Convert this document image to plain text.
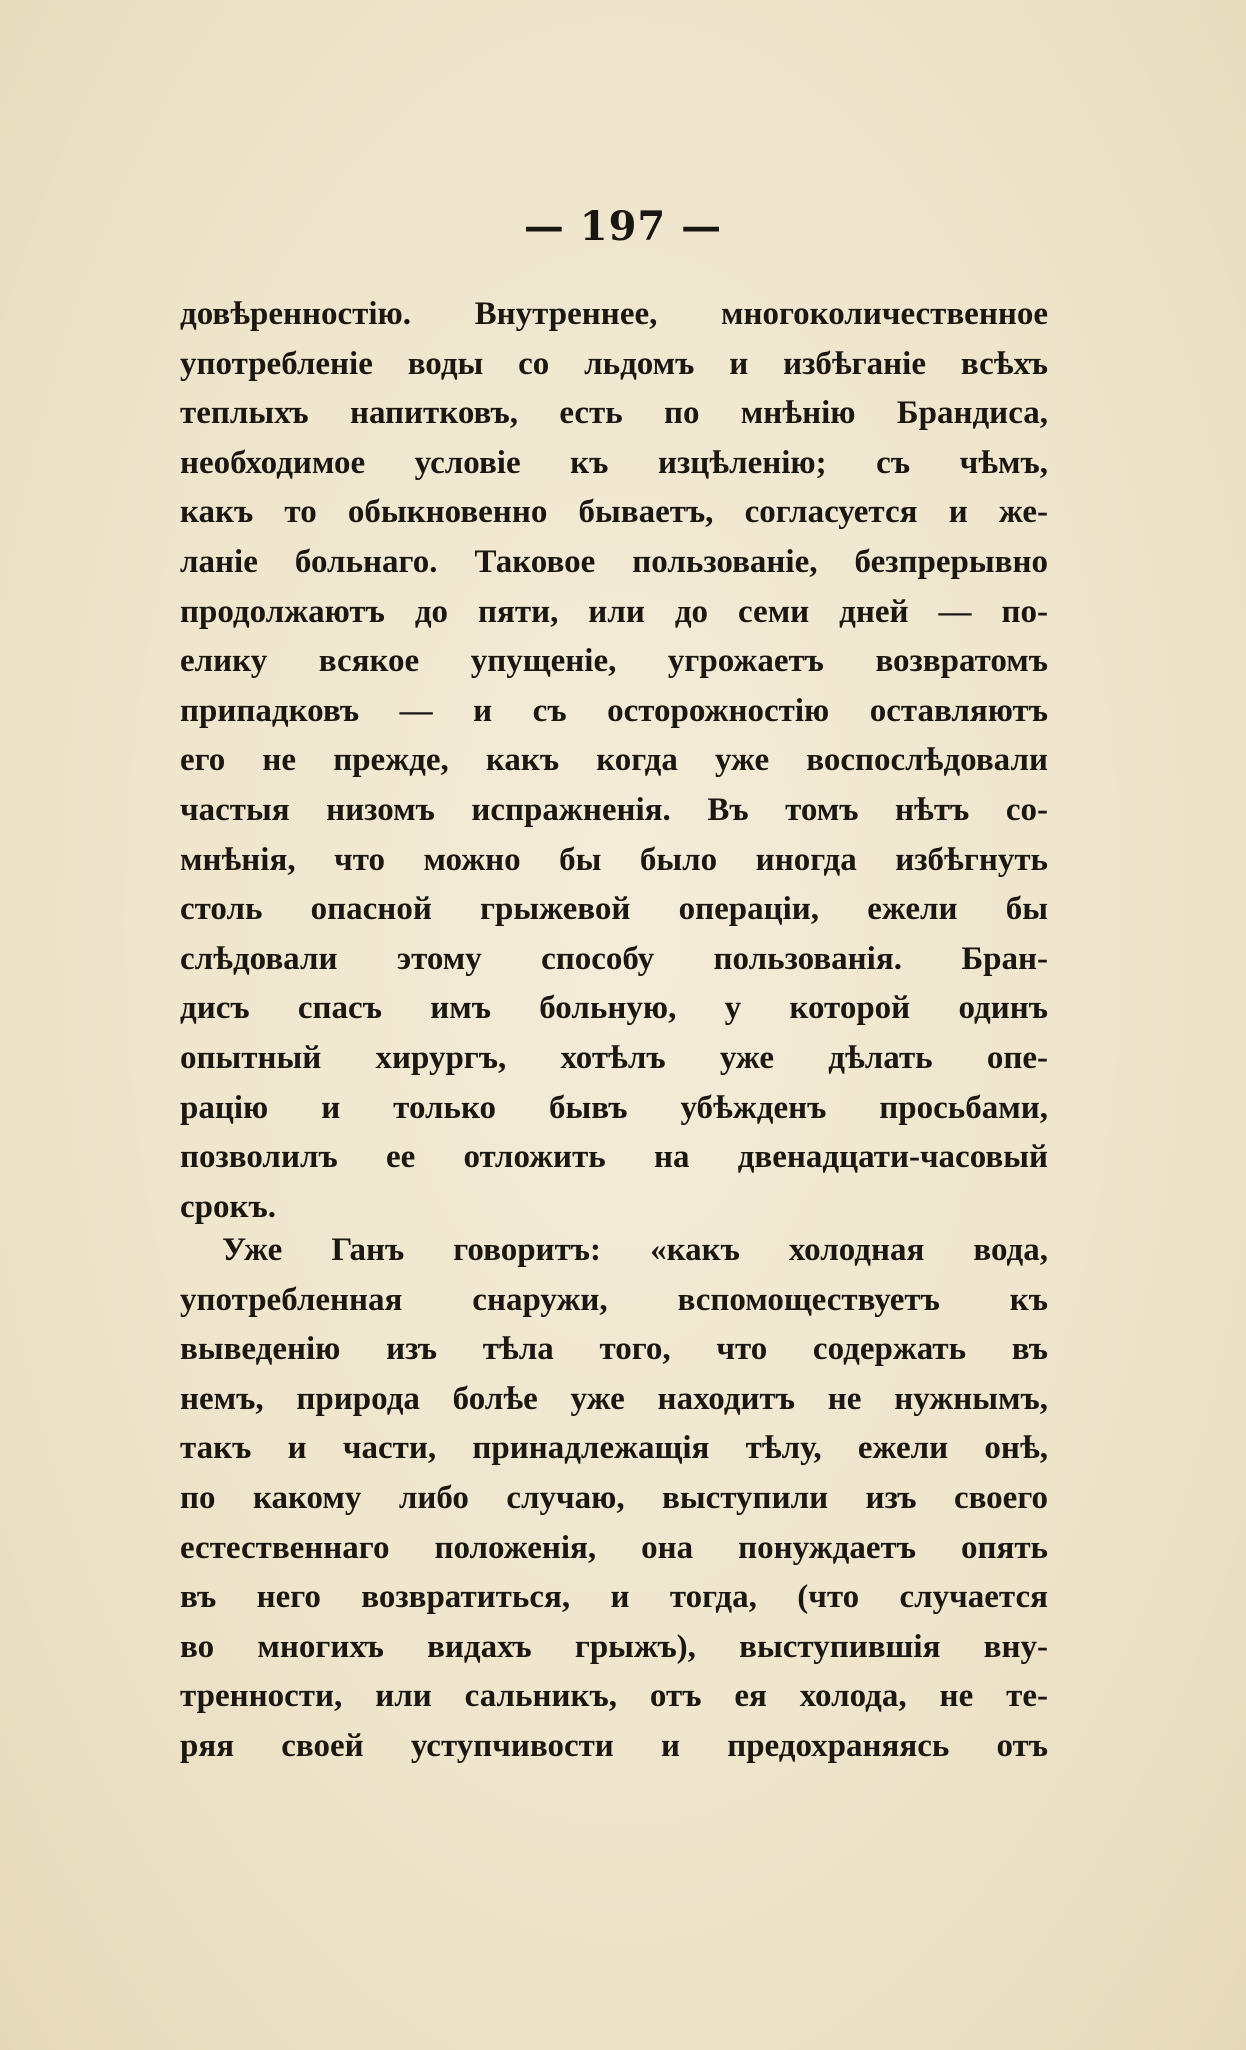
— 197 —
довѣренностію. Внутреннее, многоколичественное
употребленіе воды со льдомъ и избѣганіе всѣхъ
теплыхъ напитковъ, есть по мнѣнію Брандиса,
необходимое условіе къ изцѣленію; съ чѣмъ,
какъ то обыкновенно бываетъ, согласуется и же-
ланіе больнаго. Таковое пользованіе, безпрерывно
продолжаютъ до пяти, или до семи дней — по-
елику всякое упущеніе, угрожаетъ возвратомъ
припадковъ — и съ осторожностію оставляютъ
его не прежде, какъ когда уже воспослѣдовали
частыя низомъ испражненія. Въ томъ нѣтъ со-
мнѣнія, что можно бы было иногда избѣгнуть
столь опасной грыжевой операціи, ежели бы
слѣдовали этому способу пользованія. Бран-
дисъ спасъ имъ больную, у которой одинъ
опытный хирургъ, хотѣлъ уже дѣлать опе-
рацію и только бывъ убѣжденъ просьбами,
позволилъ ее отложить на двенадцати-часовый
срокъ.
Уже Ганъ говоритъ: «какъ холодная вода,
употребленная снаружи, вспомоществуетъ къ
выведенію изъ тѣла того, что содержать въ
немъ, природа болѣе уже находитъ не нужнымъ,
такъ и части, принадлежащія тѣлу, ежели онѣ,
по какому либо случаю, выступили изъ своего
естественнаго положенія, она понуждаетъ опять
въ него возвратиться, и тогда, (что случается
во многихъ видахъ грыжъ), выступившія вну-
тренности, или сальникъ, отъ ея холода, не те-
ряя своей уступчивости и предохраняясь отъ
